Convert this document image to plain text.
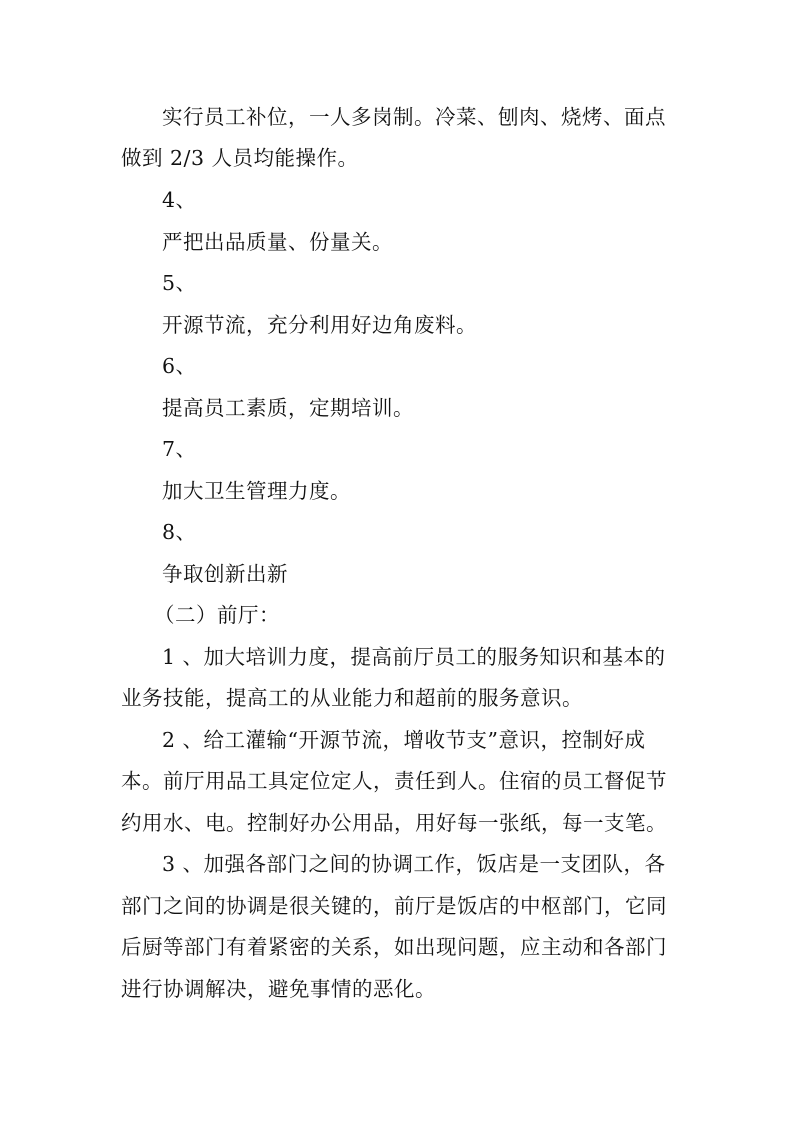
实行员工补位，一人多岗制。冷菜、刨肉、烧烤、面点
做到 2/3 人员均能操作。
4、
严把出品质量、份量关。
5、
开源节流，充分利用好边角废料。
6、
提高员工素质，定期培训。
7、
加大卫生管理力度。
8、
争取创新出新
（二）前厅：
1 、加大培训力度，提高前厅员工的服务知识和基本的
业务技能，提高工的从业能力和超前的服务意识。
2 、给工灌输“开源节流，增收节支”意识，控制好成
本。前厅用品工具定位定人，责任到人。住宿的员工督促节
约用水、电。控制好办公用品，用好每一张纸，每一支笔。
3 、加强各部门之间的协调工作，饭店是一支团队，各
部门之间的协调是很关键的，前厅是饭店的中枢部门，它同
后厨等部门有着紧密的关系，如出现问题，应主动和各部门
进行协调解决，避免事情的恶化。
